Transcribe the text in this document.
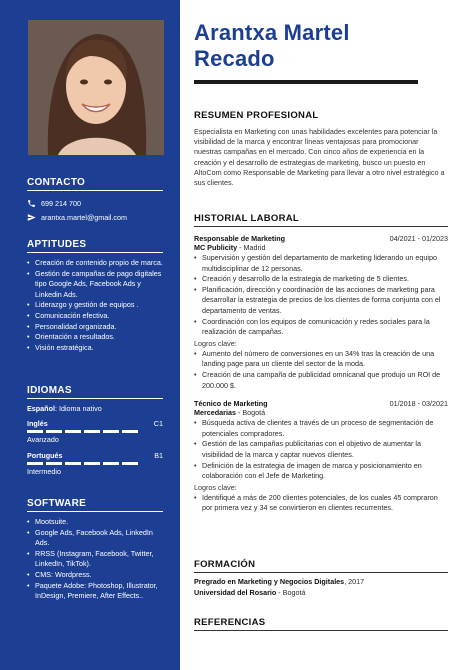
CONTACTO
699 214 700
arantxa.martel@gmail.com
APTITUDES
• Creación de contenido propio de marca.
• Gestión de campañas de pago digitales tipo Google Ads, Facebook Ads y Linkedin Ads.
• Liderazgo y gestión de equipos .
• Comunicación efectiva.
• Personalidad organizada.
• Orientación a resultados.
• Visión estratégica.
IDIOMAS
Español: Idioma nativo
Inglés	C1
Avanzado
Portugués	B1
Intermedio
SOFTWARE
• Mootsuite.
• Google Ads, Facebook Ads, LinkedIn Ads.
• RRSS (Instagram, Facebook, Twitter, LinkedIn, TikTok).
• CMS: Wordpress.
• Paquete Adobe: Photoshop, Illustrator, InDesign, Premiere, After Effects..
Arantxa Martel
Recado
RESUMEN PROFESIONAL
Especialista en Marketing con unas habilidades excelentes para potenciar la visibilidad de la marca y encontrar líneas ventajosas para promocionar nuestras campañas en el mercado. Con cinco años de experiencia en la creación y el desarrollo de estrategias de marketing, busco un puesto en AltoCom como Responsable de Marketing para llevar a otro nivel estratégico a sus clientes.
HISTORIAL LABORAL
Responsable de Marketing	04/2021 - 01/2023
MC Publicity - Madrid
• Supervisión y gestión del departamento de marketing liderando un equipo multidisciplinar de 12 personas.
• Creación y desarrollo de la estrategia de marketing de 5 clientes.
• Planificación, dirección y coordinación de las acciones de marketing para desarrollar la estrategia de precios de los clientes de forma conjunta con el departamento de ventas.
• Coordinación con los equipos de comunicación y redes sociales para la realización de campañas.
Logros clave:
• Aumento del número de conversiones en un 34% tras la creación de una landing page para un cliente del sector de la moda.
• Creación de una campaña de publicidad omnicanal que produjo un ROI de 200.000 $.
Técnico de Marketing	01/2018 - 03/2021
Mercedarias - Bogotá
• Búsqueda activa de clientes a través de un proceso de segmentación de potenciales compradores.
• Gestión de las campañas publicitarias con el objetivo de aumentar la visibilidad de la marca y captar nuevos clientes.
• Definición de la estrategia de imagen de marca y posicionamiento en colaboración con el Jefe de Marketing.
Logros clave:
• Identifiqué a más de 200 clientes potenciales, de los cuales 45 compraron por primera vez y 34 se convirtieron en clientes recurrentes.
FORMACIÓN
Pregrado en Marketing y Negocios Digitales, 2017
Universidad del Rosario - Bogotá
REFERENCIAS
